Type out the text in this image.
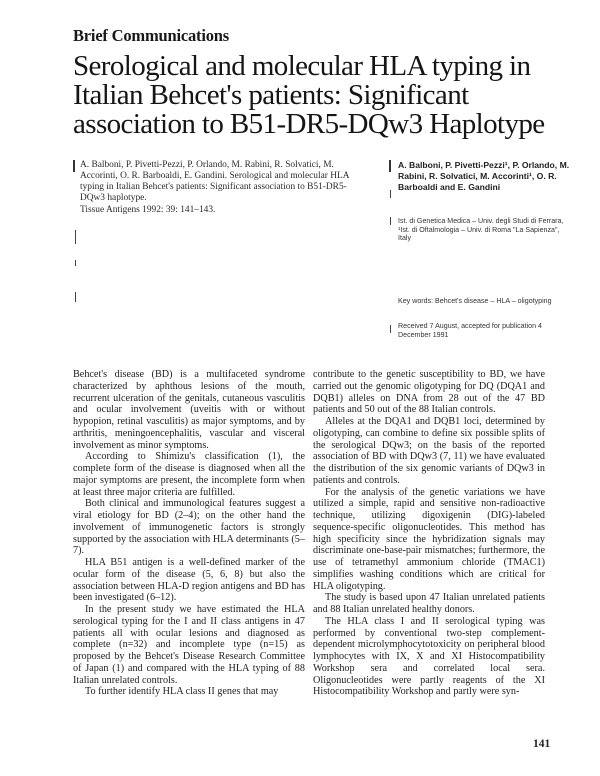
Brief Communications
Serological and molecular HLA typing in
Italian Behcet's patients: Significant
association to B51-DR5-DQw3 Haplotype
A. Balboni, P. Pivetti-Pezzi, P. Orlando, M. Rabini, R. Solvatici, M. Accorinti, O. R. Barboaldi, E. Gandini. Serological and molecular HLA typing in Italian Behcet's patients: Significant association to B51-DR5-DQw3 haplotype.
Tissue Antigens 1992: 39: 141–143.
A. Balboni, P. Pivetti-Pezzi¹, P. Orlando, M. Rabini, R. Solvatici, M. Accorinti¹, O. R. Barboaldi and E. Gandini
Ist. di Genetica Medica – Univ. degli Studi di Ferrara, ¹Ist. di Oftalmologia – Univ. di Roma "La Sapienza", Italy
Key words: Behcet's disease – HLA – oligotyping
Received 7 August, accepted for publication 4 December 1991

Behcet's disease (BD) is a multifaceted syndrome characterized by aphthous lesions of the mouth, recurrent ulceration of the genitals, cutaneous vasculitis and ocular involvement (uveitis with or without hypopion, retinal vasculitis) as major symptoms, and by arthritis, meningoencephalitis, vascular and visceral involvement as minor symptoms.

According to Shimizu's classification (1), the complete form of the disease is diagnosed when all the major symptoms are present, the incomplete form when at least three major criteria are fulfilled.

Both clinical and immunological features suggest a viral etiology for BD (2–4); on the other hand the involvement of immunogenetic factors is strongly supported by the association with HLA determinants (5–7).

HLA B51 antigen is a well-defined marker of the ocular form of the disease (5, 6, 8) but also the association between HLA-D region antigens and BD has been investigated (6–12).

In the present study we have estimated the HLA serological typing for the I and II class antigens in 47 patients all with ocular lesions and diagnosed as complete (n=32) and incomplete type (n=15) as proposed by the Behcet's Disease Research Committee of Japan (1) and compared with the HLA typing of 88 Italian unrelated controls.

To further identify HLA class II genes that may

contribute to the genetic susceptibility to BD, we have carried out the genomic oligotyping for DQ (DQA1 and DQB1) alleles on DNA from 28 out of the 47 BD patients and 50 out of the 88 Italian controls.

Alleles at the DQA1 and DQB1 loci, determined by oligotyping, can combine to define six possible splits of the serological DQw3; on the basis of the reported association of BD with DQw3 (7, 11) we have evaluated the distribution of the six genomic variants of DQw3 in patients and controls.

For the analysis of the genetic variations we have utilized a simple, rapid and sensitive non-radioactive technique, utilizing digoxigenin (DIG)-labeled sequence-specific oligonucleotides. This method has high specificity since the hybridization signals may discriminate one-base-pair mismatches; furthermore, the use of tetramethyl ammonium chloride (TMAC1) simplifies washing conditions which are critical for HLA oligotyping.

The study is based upon 47 Italian unrelated patients and 88 Italian unrelated healthy donors.

The HLA class I and II serological typing was performed by conventional two-step complement-dependent microlymphocytotoxicity on peripheral blood lymphocytes with IX, X and XI Histocompatibility Workshop sera and correlated local sera. Oligonucleotides were partly reagents of the XI Histocompatibility Workshop and partly were syn-

141
